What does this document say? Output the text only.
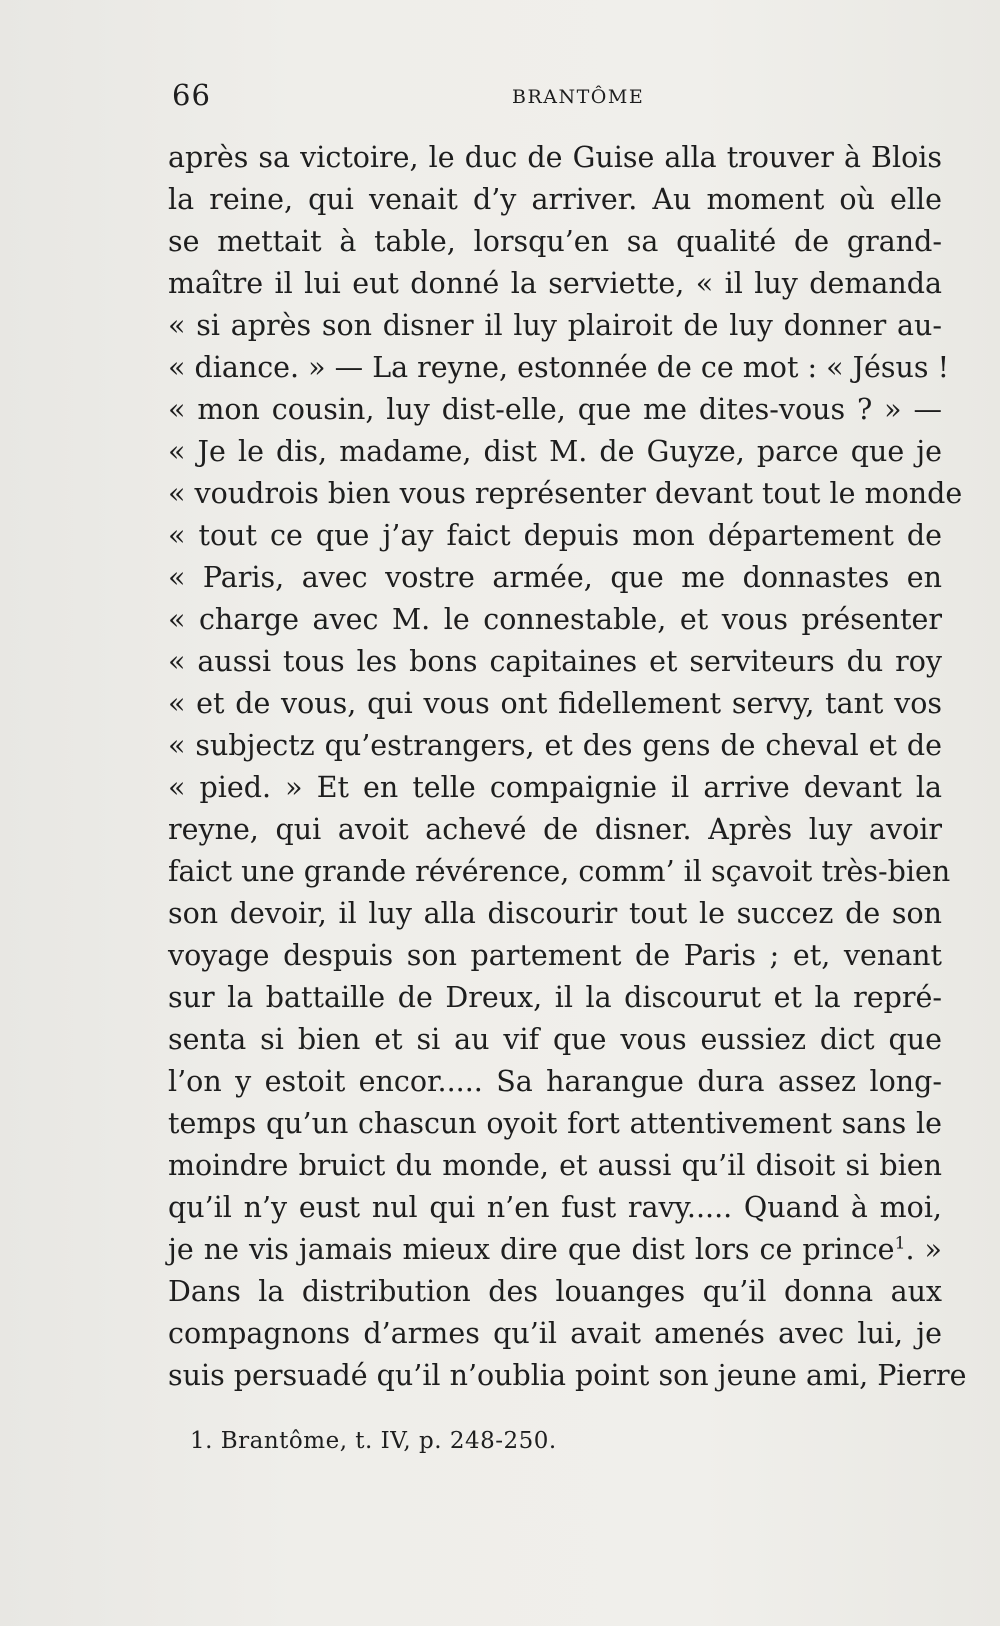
66	BRANTÔME
après sa victoire, le duc de Guise alla trouver à Blois
la reine, qui venait d’y arriver. Au moment où elle
se mettait à table, lorsqu’en sa qualité de grand-
maître il lui eut donné la serviette, « il luy demanda
« si après son disner il luy plairoit de luy donner au-
« diance. » — La reyne, estonnée de ce mot : « Jésus !
« mon cousin, luy dist-elle, que me dites-vous ? » —
« Je le dis, madame, dist M. de Guyze, parce que je
« voudrois bien vous représenter devant tout le monde
« tout ce que j’ay faict depuis mon département de
« Paris, avec vostre armée, que me donnastes en
« charge avec M. le connestable, et vous présenter
« aussi tous les bons capitaines et serviteurs du roy
« et de vous, qui vous ont fidellement servy, tant vos
« subjectz qu’estrangers, et des gens de cheval et de
« pied. » Et en telle compaignie il arrive devant la
reyne, qui avoit achevé de disner. Après luy avoir
faict une grande révérence, comm’ il sçavoit très-bien
son devoir, il luy alla discourir tout le succez de son
voyage despuis son partement de Paris ; et, venant
sur la battaille de Dreux, il la discourut et la repré-
senta si bien et si au vif que vous eussiez dict que
l’on y estoit encor..... Sa harangue dura assez long-
temps qu’un chascun oyoit fort attentivement sans le
moindre bruict du monde, et aussi qu’il disoit si bien
qu’il n’y eust nul qui n’en fust ravy..... Quand à moi,
je ne vis jamais mieux dire que dist lors ce prince$^1$. »
Dans la distribution des louanges qu’il donna aux
compagnons d’armes qu’il avait amenés avec lui, je
suis persuadé qu’il n’oublia point son jeune ami, Pierre
1. Brantôme, t. IV, p. 248-250.
